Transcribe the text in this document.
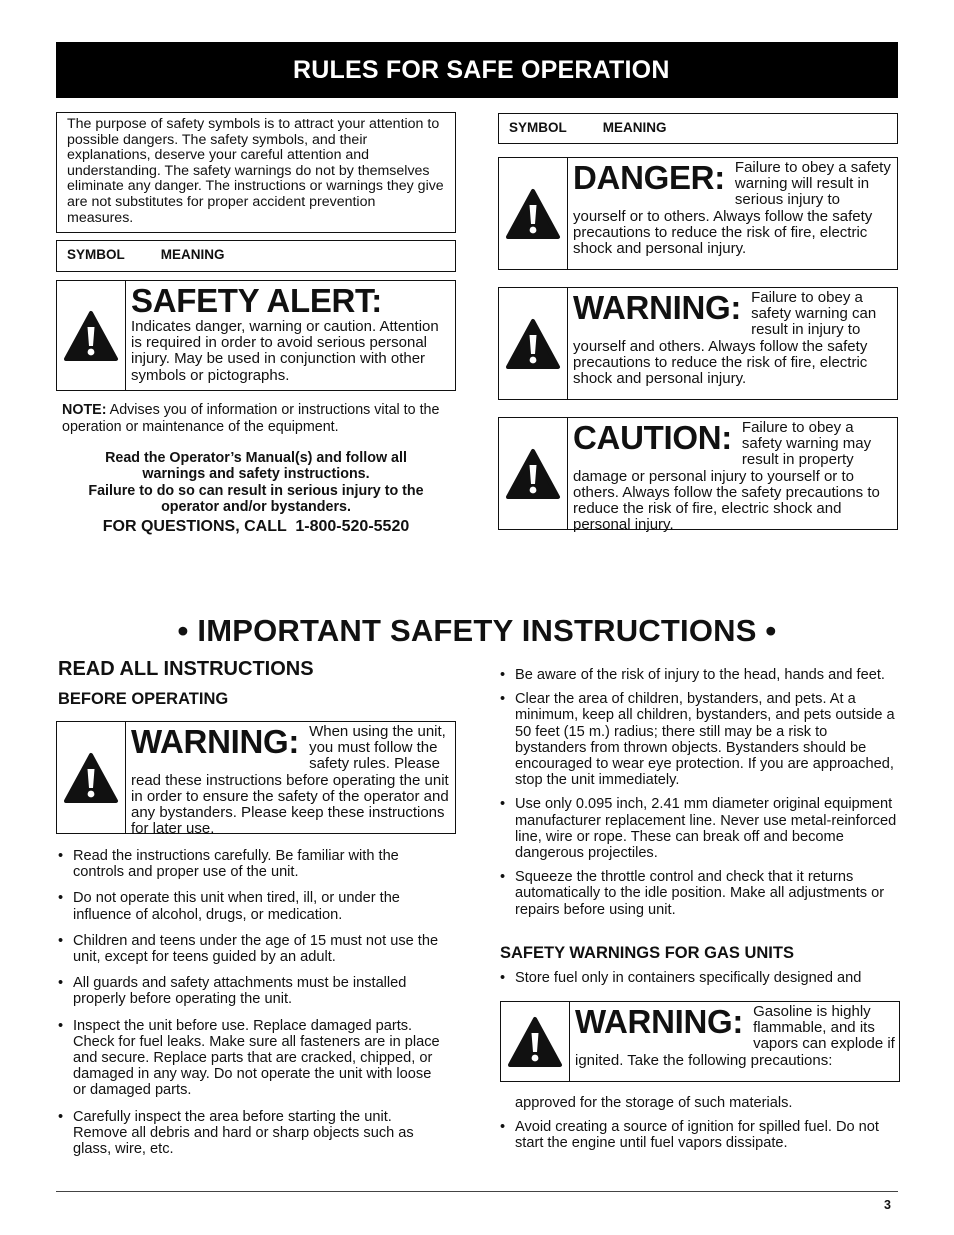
RULES FOR SAFE OPERATION
The purpose of safety symbols is to attract your attention to possible dangers. The safety symbols, and their explanations, deserve your careful attention and understanding. The safety warnings do not by themselves eliminate any danger. The instructions or warnings they give are not substitutes for proper accident prevention measures.
SYMBOL	MEANING
SAFETY ALERT:
Indicates danger, warning or caution. Attention is required in order to avoid serious personal injury. May be used in conjunction with other symbols or pictographs.
NOTE: Advises you of information or instructions vital to the operation or maintenance of the equipment.
Read the Operator’s Manual(s) and follow all warnings and safety instructions.
Failure to do so can result in serious injury to the operator and/or bystanders.
FOR QUESTIONS, CALL  1-800-520-5520
SYMBOL	MEANING
DANGER: Failure to obey a safety warning will result in serious injury to yourself or to others. Always follow the safety precautions to reduce the risk of fire, electric shock and personal injury.
WARNING: Failure to obey a safety warning can result in injury to yourself and others. Always follow the safety precautions to reduce the risk of fire, electric shock and personal injury.
CAUTION: Failure to obey a safety warning may result in property damage or personal injury to yourself or to others. Always follow the safety precautions to reduce the risk of fire, electric shock and personal injury.
• IMPORTANT SAFETY INSTRUCTIONS •
READ ALL INSTRUCTIONS
BEFORE OPERATING
WARNING: When using the unit, you must follow the safety rules. Please read these instructions before operating the unit in order to ensure the safety of the operator and any bystanders. Please keep these instructions for later use.
• Read the instructions carefully. Be familiar with the controls and proper use of the unit.
• Do not operate this unit when tired, ill, or under the influence of alcohol, drugs, or medication.
• Children and teens under the age of 15 must not use the unit, except for teens guided by an adult.
• All guards and safety attachments must be installed properly before operating the unit.
• Inspect the unit before use. Replace damaged parts. Check for fuel leaks. Make sure all fasteners are in place and secure. Replace parts that are cracked, chipped, or damaged in any way. Do not operate the unit with loose or damaged parts.
• Carefully inspect the area before starting the unit. Remove all debris and hard or sharp objects such as glass, wire, etc.
• Be aware of the risk of injury to the head, hands and feet.
• Clear the area of children, bystanders, and pets. At a minimum, keep all children, bystanders, and pets outside a 50 feet (15 m.) radius; there still may be a risk to bystanders from thrown objects. Bystanders should be encouraged to wear eye protection. If you are approached, stop the unit immediately.
• Use only 0.095 inch, 2.41 mm diameter original equipment manufacturer replacement line. Never use metal-reinforced line, wire or rope. These can break off and become dangerous projectiles.
• Squeeze the throttle control and check that it returns automatically to the idle position. Make all adjustments or repairs before using unit.
SAFETY WARNINGS FOR GAS UNITS
• Store fuel only in containers specifically designed and
WARNING: Gasoline is highly flammable, and its vapors can explode if ignited. Take the following precautions:
approved for the storage of such materials.
• Avoid creating a source of ignition for spilled fuel. Do not start the engine until fuel vapors dissipate.
3
